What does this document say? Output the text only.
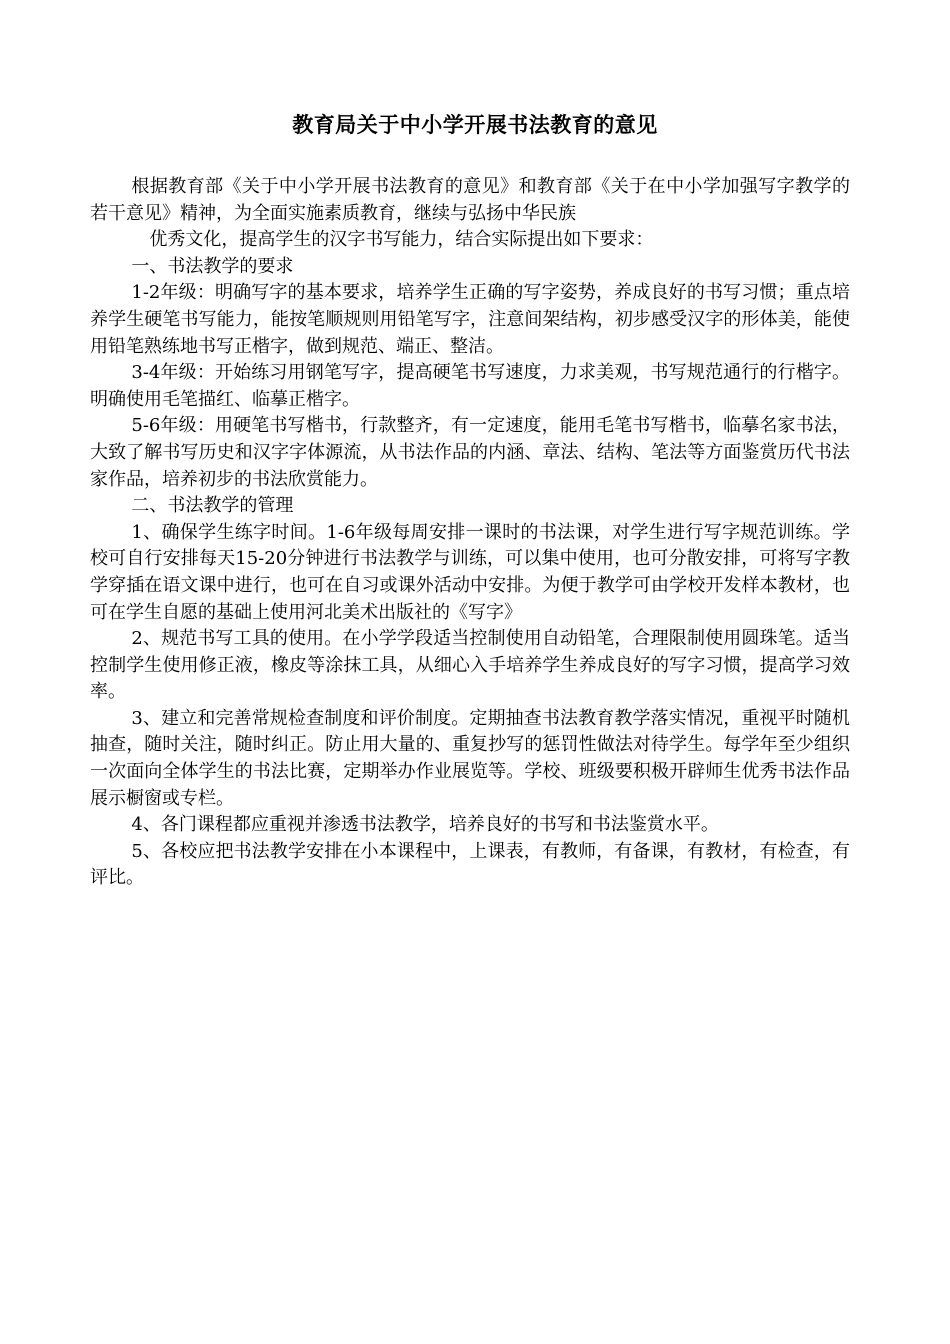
教育局关于中小学开展书法教育的意见

根据教育部《关于中小学开展书法教育的意见》和教育部《关于在中小学加强写字教学的若干意见》精神，为全面实施素质教育，继续与弘扬中华民族

优秀文化，提高学生的汉字书写能力，结合实际提出如下要求：

一、书法教学的要求

1-2年级：明确写字的基本要求，培养学生正确的写字姿势，养成良好的书写习惯；重点培养学生硬笔书写能力，能按笔顺规则用铅笔写字，注意间架结构，初步感受汉字的形体美，能使用铅笔熟练地书写正楷字，做到规范、端正、整洁。

3-4年级：开始练习用钢笔写字，提高硬笔书写速度，力求美观，书写规范通行的行楷字。明确使用毛笔描红、临摹正楷字。

5-6年级：用硬笔书写楷书，行款整齐，有一定速度，能用毛笔书写楷书，临摹名家书法，大致了解书写历史和汉字字体源流，从书法作品的内涵、章法、结构、笔法等方面鉴赏历代书法家作品，培养初步的书法欣赏能力。

二、书法教学的管理

1、确保学生练字时间。1-6年级每周安排一课时的书法课，对学生进行写字规范训练。学校可自行安排每天15-20分钟进行书法教学与训练，可以集中使用，也可分散安排，可将写字教学穿插在语文课中进行，也可在自习或课外活动中安排。为便于教学可由学校开发样本教材，也可在学生自愿的基础上使用河北美术出版社的《写字》

2、规范书写工具的使用。在小学学段适当控制使用自动铅笔，合理限制使用圆珠笔。适当控制学生使用修正液，橡皮等涂抹工具，从细心入手培养学生养成良好的写字习惯，提高学习效率。

3、建立和完善常规检查制度和评价制度。定期抽查书法教育教学落实情况，重视平时随机抽查，随时关注，随时纠正。防止用大量的、重复抄写的惩罚性做法对待学生。每学年至少组织一次面向全体学生的书法比赛，定期举办作业展览等。学校、班级要积极开辟师生优秀书法作品展示橱窗或专栏。

4、各门课程都应重视并渗透书法教学，培养良好的书写和书法鉴赏水平。

5、各校应把书法教学安排在小本课程中，上课表，有教师，有备课，有教材，有检查，有评比。
